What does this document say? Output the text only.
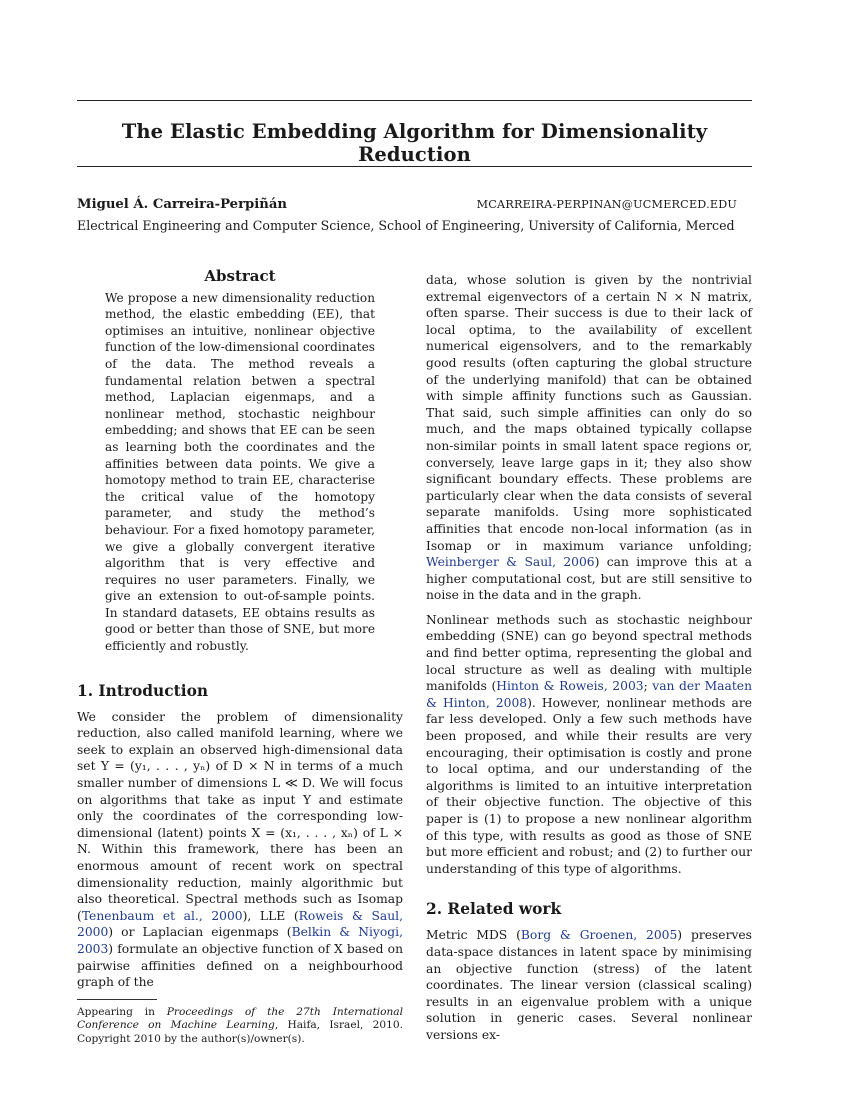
The Elastic Embedding Algorithm for Dimensionality Reduction
Miguel Á. Carreira-Perpiñán	MCARREIRA-PERPINAN@UCMERCED.EDU
Electrical Engineering and Computer Science, School of Engineering, University of California, Merced
Abstract
We propose a new dimensionality reduction method, the elastic embedding (EE), that optimises an intuitive, nonlinear objective function of the low-dimensional coordinates of the data. The method reveals a fundamental relation betwen a spectral method, Laplacian eigenmaps, and a nonlinear method, stochastic neighbour embedding; and shows that EE can be seen as learning both the coordinates and the affinities between data points. We give a homotopy method to train EE, characterise the critical value of the homotopy parameter, and study the method’s behaviour. For a fixed homotopy parameter, we give a globally convergent iterative algorithm that is very effective and requires no user parameters. Finally, we give an extension to out-of-sample points. In standard datasets, EE obtains results as good or better than those of SNE, but more efficiently and robustly.
1. Introduction

We consider the problem of dimensionality reduction, also called manifold learning, where we seek to explain an observed high-dimensional data set Y = (y₁, . . . , yₙ) of D × N in terms of a much smaller number of dimensions L ≪ D. We will focus on algorithms that take as input Y and estimate only the coordinates of the corresponding low-dimensional (latent) points X = (x₁, . . . , xₙ) of L × N. Within this framework, there has been an enormous amount of recent work on spectral dimensionality reduction, mainly algorithmic but also theoretical. Spectral methods such as Isomap (Tenenbaum et al., 2000), LLE (Roweis & Saul, 2000) or Laplacian eigenmaps (Belkin & Niyogi, 2003) formulate an objective function of X based on pairwise affinities defined on a neighbourhood graph of the

Appearing in Proceedings of the 27th International Conference on Machine Learning, Haifa, Israel, 2010. Copyright 2010 by the author(s)/owner(s).

data, whose solution is given by the nontrivial extremal eigenvectors of a certain N × N matrix, often sparse. Their success is due to their lack of local optima, to the availability of excellent numerical eigensolvers, and to the remarkably good results (often capturing the global structure of the underlying manifold) that can be obtained with simple affinity functions such as Gaussian. That said, such simple affinities can only do so much, and the maps obtained typically collapse non-similar points in small latent space regions or, conversely, leave large gaps in it; they also show significant boundary effects. These problems are particularly clear when the data consists of several separate manifolds. Using more sophisticated affinities that encode non-local information (as in Isomap or in maximum variance unfolding; Weinberger & Saul, 2006) can improve this at a higher computational cost, but are still sensitive to noise in the data and in the graph.

Nonlinear methods such as stochastic neighbour embedding (SNE) can go beyond spectral methods and find better optima, representing the global and local structure as well as dealing with multiple manifolds (Hinton & Roweis, 2003; van der Maaten & Hinton, 2008). However, nonlinear methods are far less developed. Only a few such methods have been proposed, and while their results are very encouraging, their optimisation is costly and prone to local optima, and our understanding of the algorithms is limited to an intuitive interpretation of their objective function. The objective of this paper is (1) to propose a new nonlinear algorithm of this type, with results as good as those of SNE but more efficient and robust; and (2) to further our understanding of this type of algorithms.

2. Related work

Metric MDS (Borg & Groenen, 2005) preserves data-space distances in latent space by minimising an objective function (stress) of the latent coordinates. The linear version (classical scaling) results in an eigenvalue problem with a unique solution in generic cases. Several nonlinear versions ex-
